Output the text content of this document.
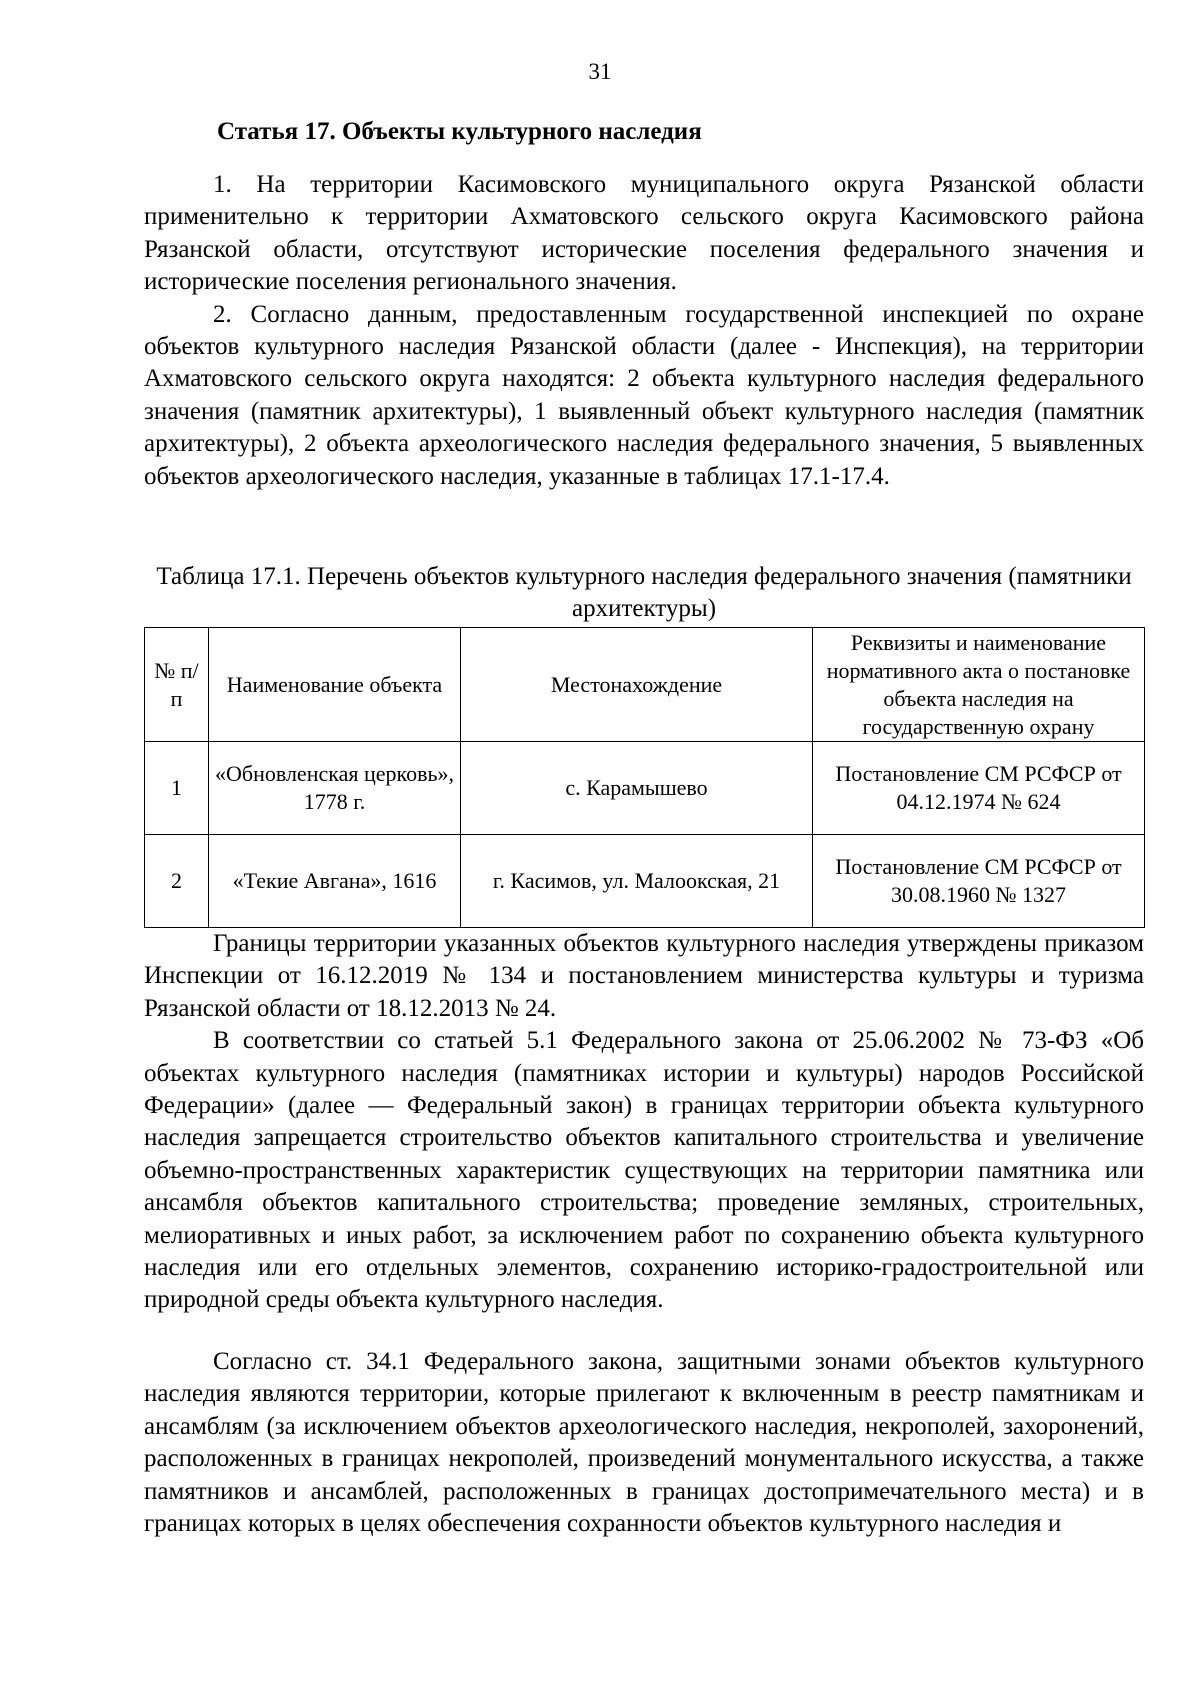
31
Статья 17. Объекты культурного наследия

1. На территории Касимовского муниципального округа Рязанской области применительно к территории Ахматовского сельского округа Касимовского района Рязанской области, отсутствуют исторические поселения федерального значения и исторические поселения регионального значения.

2. Согласно данным, предоставленным государственной инспекцией по охране объектов культурного наследия Рязанской области (далее - Инспекция), на территории Ахматовского сельского округа находятся: 2 объекта культурного наследия федерального значения (памятник архитектуры), 1 выявленный объект культурного наследия (памятник архитектуры), 2 объекта археологического наследия федерального значения, 5 выявленных объектов археологического наследия, указанные в таблицах 17.1-17.4.

Таблица 17.1. Перечень объектов культурного наследия федерального значения (памятники архитектуры)
№ п/п	Наименование объекта	Местонахождение	Реквизиты и наименование нормативного акта о постановке объекта наследия на государственную охрану
1	«Обновленская церковь», 1778 г.	с. Карамышево	Постановление СМ РСФСР от 04.12.1974 № 624
2	«Текие Авгана», 1616	г. Касимов, ул. Малоокская, 21	Постановление СМ РСФСР от 30.08.1960 № 1327

Границы территории указанных объектов культурного наследия утверждены приказом Инспекции от 16.12.2019 № 134 и постановлением министерства культуры и туризма Рязанской области от 18.12.2013 № 24.

В соответствии со статьей 5.1 Федерального закона от 25.06.2002 № 73-ФЗ «Об объектах культурного наследия (памятниках истории и культуры) народов Российской Федерации» (далее — Федеральный закон) в границах территории объекта культурного наследия запрещается строительство объектов капитального строительства и увеличение объемно-пространственных характеристик существующих на территории памятника или ансамбля объектов капитального строительства; проведение земляных, строительных, мелиоративных и иных работ, за исключением работ по сохранению объекта культурного наследия или его отдельных элементов, сохранению историко-градостроительной или природной среды объекта культурного наследия.

Согласно ст. 34.1 Федерального закона, защитными зонами объектов культурного наследия являются территории, которые прилегают к включенным в реестр памятникам и ансамблям (за исключением объектов археологического наследия, некрополей, захоронений, расположенных в границах некрополей, произведений монументального искусства, а также памятников и ансамблей, расположенных в границах достопримечательного места) и в границах которых в целях обеспечения сохранности объектов культурного наследия и
